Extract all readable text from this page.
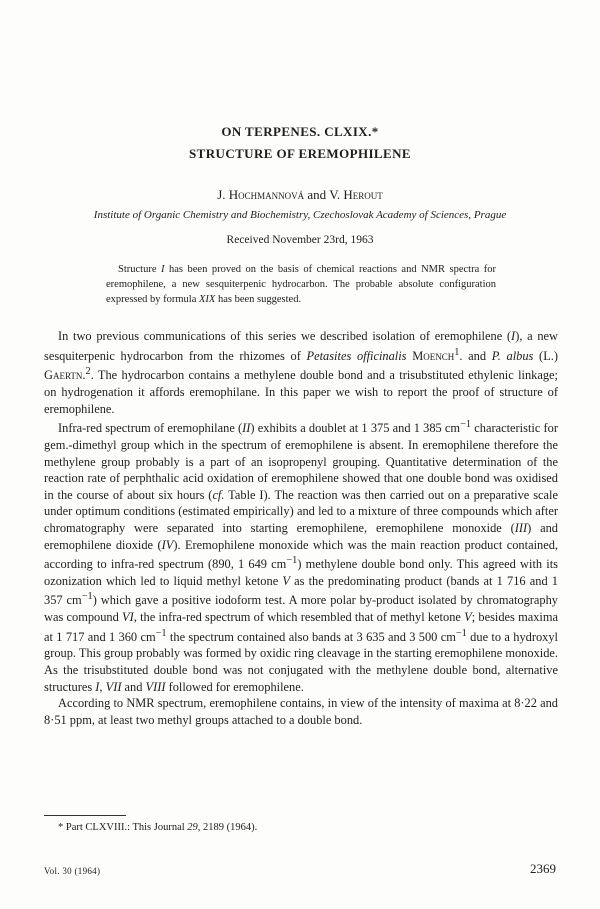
ON TERPENES. CLXIX.*
STRUCTURE OF EREMOPHILENE
J. Hochmannová and V. Herout
Institute of Organic Chemistry and Biochemistry, Czechoslovak Academy of Sciences, Prague
Received November 23rd, 1963

Structure I has been proved on the basis of chemical reactions and NMR spectra for eremophilene, a new sesquiterpenic hydrocarbon. The probable absolute configuration expressed by formula XIX has been suggested.

In two previous communications of this series we described isolation of eremophilene (I), a new sesquiterpenic hydrocarbon from the rhizomes of Petasites officinalis Moench$^1$. and P. albus (L.) Gaertn.$^2$. The hydrocarbon contains a methylene double bond and a trisubstituted ethylenic linkage; on hydrogenation it affords eremophilane. In this paper we wish to report the proof of structure of eremophilene.

Infra-red spectrum of eremophilane (II) exhibits a doublet at 1 375 and 1 385 $cm^{-1}$ characteristic for gem.-dimethyl group which in the spectrum of eremophilene is absent. In eremophilene therefore the methylene group probably is a part of an isopropenyl grouping. Quantitative determination of the reaction rate of perphthalic acid oxidation of eremophilene showed that one double bond was oxidised in the course of about six hours (cf. Table I). The reaction was then carried out on a preparative scale under optimum conditions (estimated empirically) and led to a mixture of three compounds which after chromatography were separated into starting eremophilene, eremophilene monoxide (III) and eremophilene dioxide (IV). Eremophilene monoxide which was the main reaction product contained, according to infra-red spectrum (890, 1 649 $cm^{-1}$) methylene double bond only. This agreed with its ozonization which led to liquid methyl ketone V as the predominating product (bands at 1 716 and 1 357 $cm^{-1}$) which gave a positive iodoform test. A more polar by-product isolated by chromatography was compound VI, the infra-red spectrum of which resembled that of methyl ketone V; besides maxima at 1 717 and 1 360 $cm^{-1}$ the spectrum contained also bands at 3 635 and 3 500 $cm^{-1}$ due to a hydroxyl group. This group probably was formed by oxidic ring cleavage in the starting eremophilene monoxide. As the trisubstituted double bond was not conjugated with the methylene double bond, alternative structures I, VII and VIII followed for eremophilene.

According to NMR spectrum, eremophilene contains, in view of the intensity of maxima at 8·22 and 8·51 ppm, at least two methyl groups attached to a double bond.

* Part CLXVIII.: This Journal 29, 2189 (1964).
Vol. 30 (1964)	2369
